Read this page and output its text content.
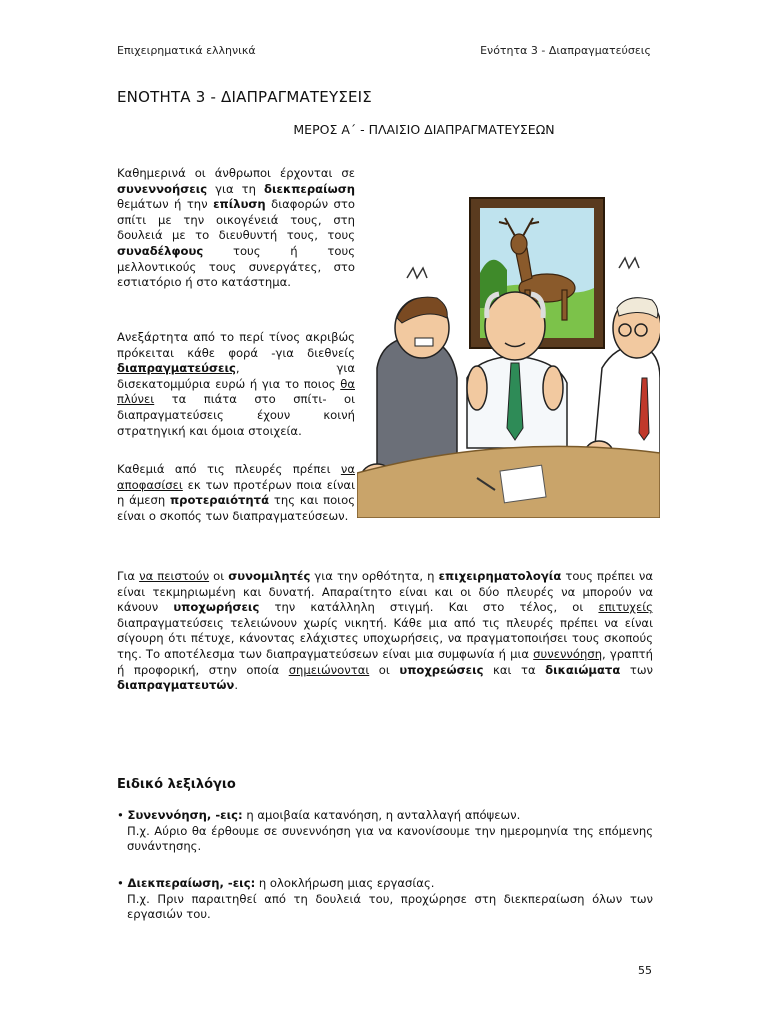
Επιχειρηματικά ελληνικά	Ενότητα 3 - Διαπραγματεύσεις
ΕΝΟΤΗΤΑ 3 - ΔΙΑΠΡΑΓΜΑΤΕΥΣΕΙΣ
ΜΕΡΟΣ Α΄ - ΠΛΑΙΣΙΟ ΔΙΑΠΡΑΓΜΑΤΕΥΣΕΩΝ
Καθημερινά οι άνθρωποι έρχονται σε συνεννοήσεις για τη διεκπεραίωση θεμάτων ή την επίλυση διαφορών στο σπίτι με την οικογένειά τους, στη δουλειά με το διευθυντή τους, τους συναδέλφους τους ή τους μελλοντικούς τους συνεργάτες, στο εστιατόριο ή στο κατάστημα.
Ανεξάρτητα από το περί τίνος ακριβώς πρόκειται κάθε φορά -για διεθνείς διαπραγματεύσεις, για δισεκατομμύρια ευρώ ή για το ποιος θα πλύνει τα πιάτα στο σπίτι- οι διαπραγματεύσεις έχουν κοινή στρατηγική και όμοια στοιχεία.
Καθεμιά από τις πλευρές πρέπει να αποφασίσει εκ των προτέρων ποια είναι η άμεση προτεραιότητά της και ποιος είναι ο σκοπός των διαπραγματεύσεων.
Για να πειστούν οι συνομιλητές για την ορθότητα, η επιχειρηματολογία τους πρέπει να είναι τεκμηριωμένη και δυνατή. Απαραίτητο είναι και οι δύο πλευρές να μπορούν να κάνουν υποχωρήσεις την κατάλληλη στιγμή. Και στο τέλος, οι επιτυχείς διαπραγματεύσεις τελειώνουν χωρίς νικητή. Κάθε μια από τις πλευρές πρέπει να είναι σίγουρη ότι πέτυχε, κάνοντας ελάχιστες υποχωρήσεις, να πραγματοποιήσει τους σκοπούς της. Το αποτέλεσμα των διαπραγματεύσεων είναι μια συμφωνία ή μια συνεννόηση, γραπτή ή προφορική, στην οποία σημειώνονται οι υποχρεώσεις και τα δικαιώματα των διαπραγματευτών.
Ειδικό λεξιλόγιο
• Συνεννόηση, -εις: η αμοιβαία κατανόηση, η ανταλλαγή απόψεων.
Π.χ. Αύριο θα έρθουμε σε συνεννόηση για να κανονίσουμε την ημερομηνία της επόμενης συνάντησης.
• Διεκπεραίωση, -εις: η ολοκλήρωση μιας εργασίας.
Π.χ. Πριν παραιτηθεί από τη δουλειά του, προχώρησε στη διεκπεραίωση όλων των εργασιών του.
55
